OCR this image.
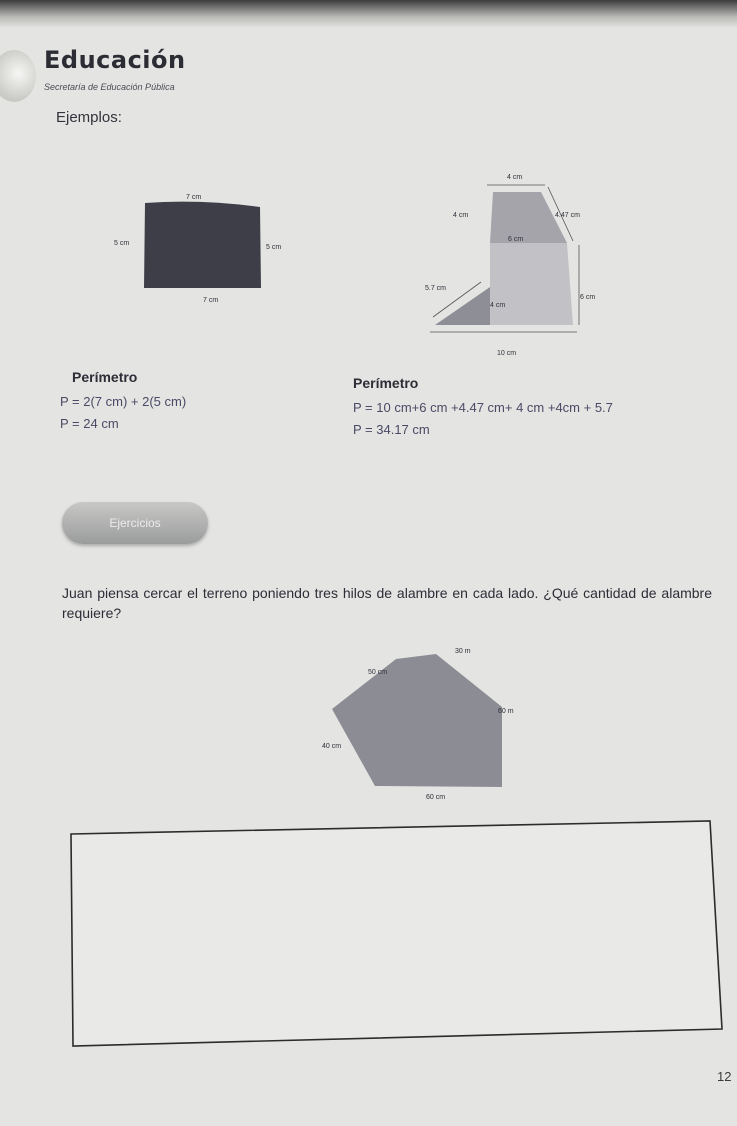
Educación
Secretaría de Educación Pública
Ejemplos:
7 cm
5 cm
5 cm
7 cm
4 cm
4 cm	4.47 cm
6 cm
5.7 cm
4 cm
6 cm
10 cm
Perímetro
P = 2(7 cm) + 2(5 cm)
P = 24 cm
Perímetro
P = 10 cm+6 cm +4.47 cm+ 4 cm +4cm + 5.7
P = 34.17 cm
Ejercicios
Juan piensa cercar el terreno poniendo tres hilos de alambre en cada lado. ¿Qué cantidad de alambre requiere?
30 m
50 cm
60 m
40 cm
60 cm
12
